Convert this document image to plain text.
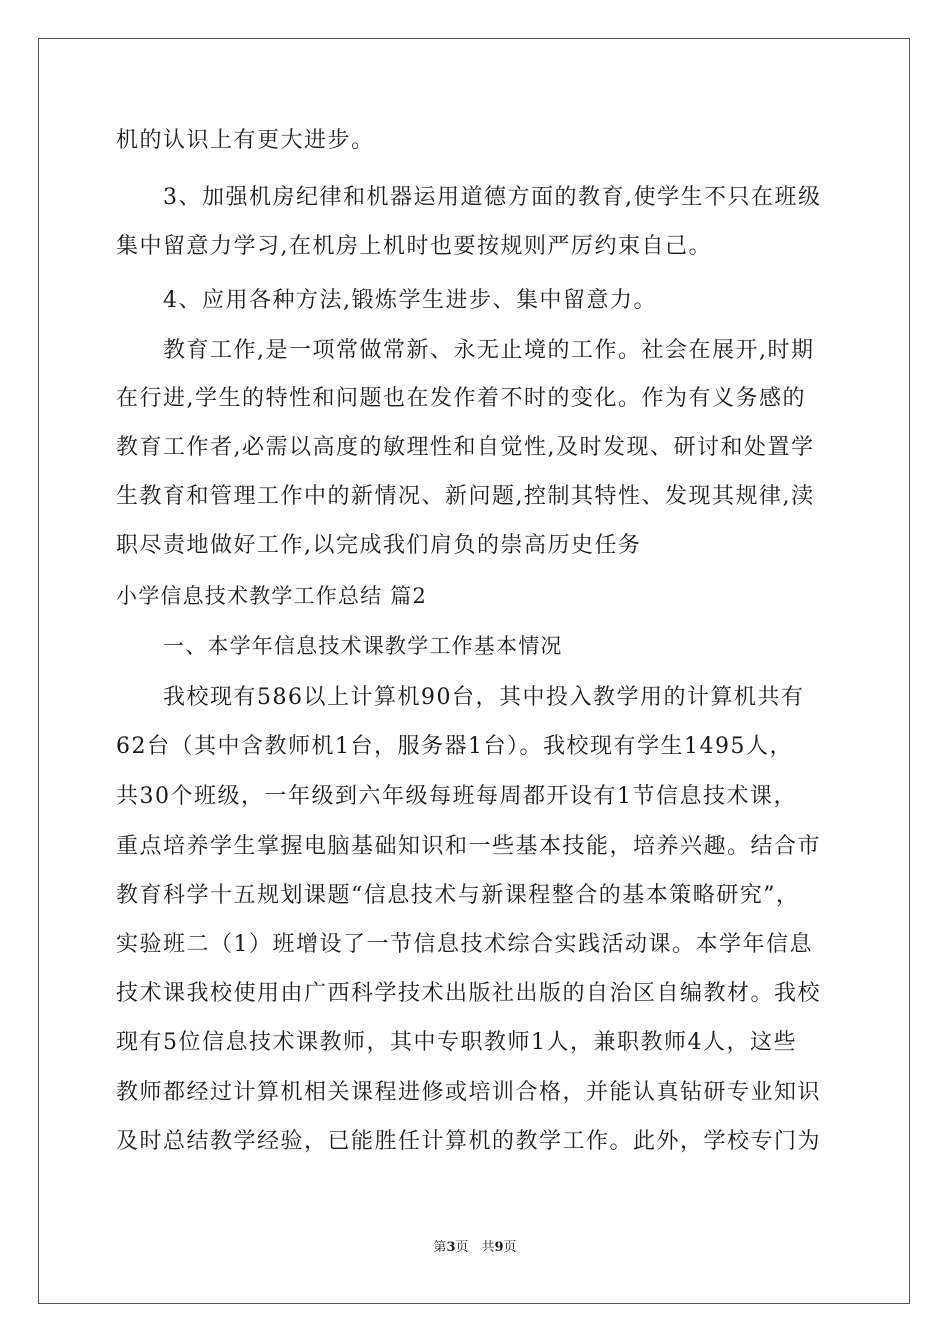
机的认识上有更大进步。
3、加强机房纪律和机器运用道德方面的教育,使学生不只在班级
集中留意力学习,在机房上机时也要按规则严厉约束自己。
4、应用各种方法,锻炼学生进步、集中留意力。
教育工作,是一项常做常新、永无止境的工作。社会在展开,时期
在行进,学生的特性和问题也在发作着不时的变化。作为有义务感的
教育工作者,必需以高度的敏理性和自觉性,及时发现、研讨和处置学
生教育和管理工作中的新情况、新问题,控制其特性、发现其规律,渎
职尽责地做好工作,以完成我们肩负的崇高历史任务
小学信息技术教学工作总结 篇2
一、本学年信息技术课教学工作基本情况
我校现有586以上计算机90台，其中投入教学用的计算机共有
62台（其中含教师机1台，服务器1台）。我校现有学生1495人，
共30个班级，一年级到六年级每班每周都开设有1节信息技术课，
重点培养学生掌握电脑基础知识和一些基本技能，培养兴趣。结合市
教育科学十五规划课题“信息技术与新课程整合的基本策略研究”，
实验班二（1）班增设了一节信息技术综合实践活动课。本学年信息
技术课我校使用由广西科学技术出版社出版的自治区自编教材。我校
现有5位信息技术课教师，其中专职教师1人，兼职教师4人，这些
教师都经过计算机相关课程进修或培训合格，并能认真钻研专业知识
及时总结教学经验，已能胜任计算机的教学工作。此外，学校专门为
第3页　共9页
